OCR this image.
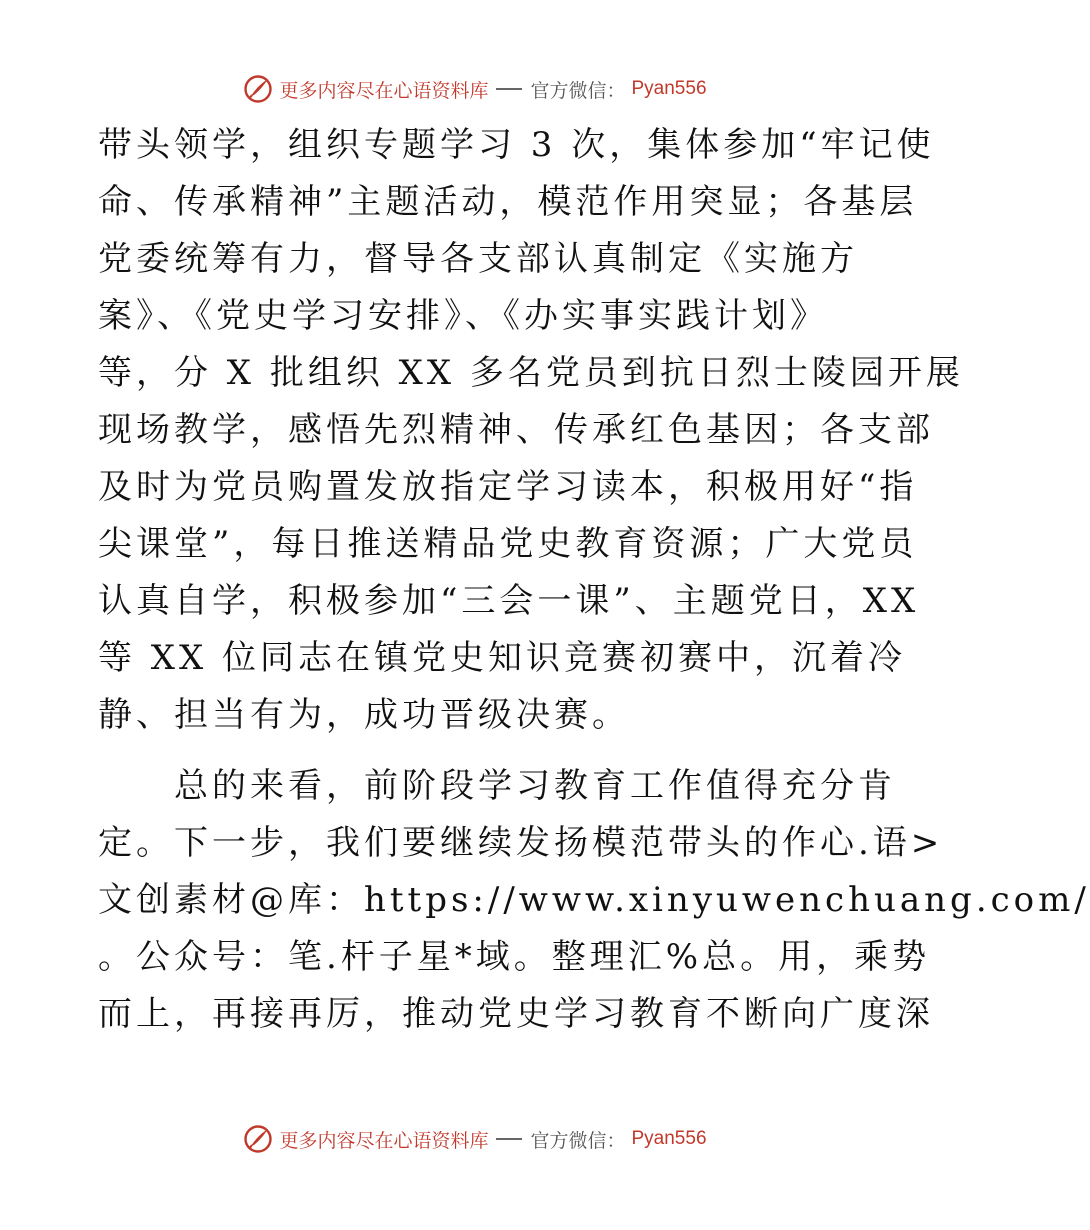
更多内容尽在心语资料库 官方微信： Pyan556
带头领学，组织专题学习 3 次，集体参加“牢记使
命、传承精神”主题活动，模范作用突显；各基层
党委统筹有力，督导各支部认真制定《实施方
案》、《党史学习安排》、《办实事实践计划》
等，分 X 批组织 XX 多名党员到抗日烈士陵园开展
现场教学，感悟先烈精神、传承红色基因；各支部
及时为党员购置发放指定学习读本，积极用好“指
尖课堂”，每日推送精品党史教育资源；广大党员
认真自学，积极参加“三会一课”、主题党日，XX
等 XX 位同志在镇党史知识竞赛初赛中，沉着冷
静、担当有为，成功晋级决赛。
总的来看，前阶段学习教育工作值得充分肯
定。下一步，我们要继续发扬模范带头的作心.语>
文创素材@库：https://www.xinyuwenchuang.com/
。公众号：笔.杆子星*域。整理汇%总。用，乘势
而上，再接再厉，推动党史学习教育不断向广度深
更多内容尽在心语资料库 官方微信： Pyan556
